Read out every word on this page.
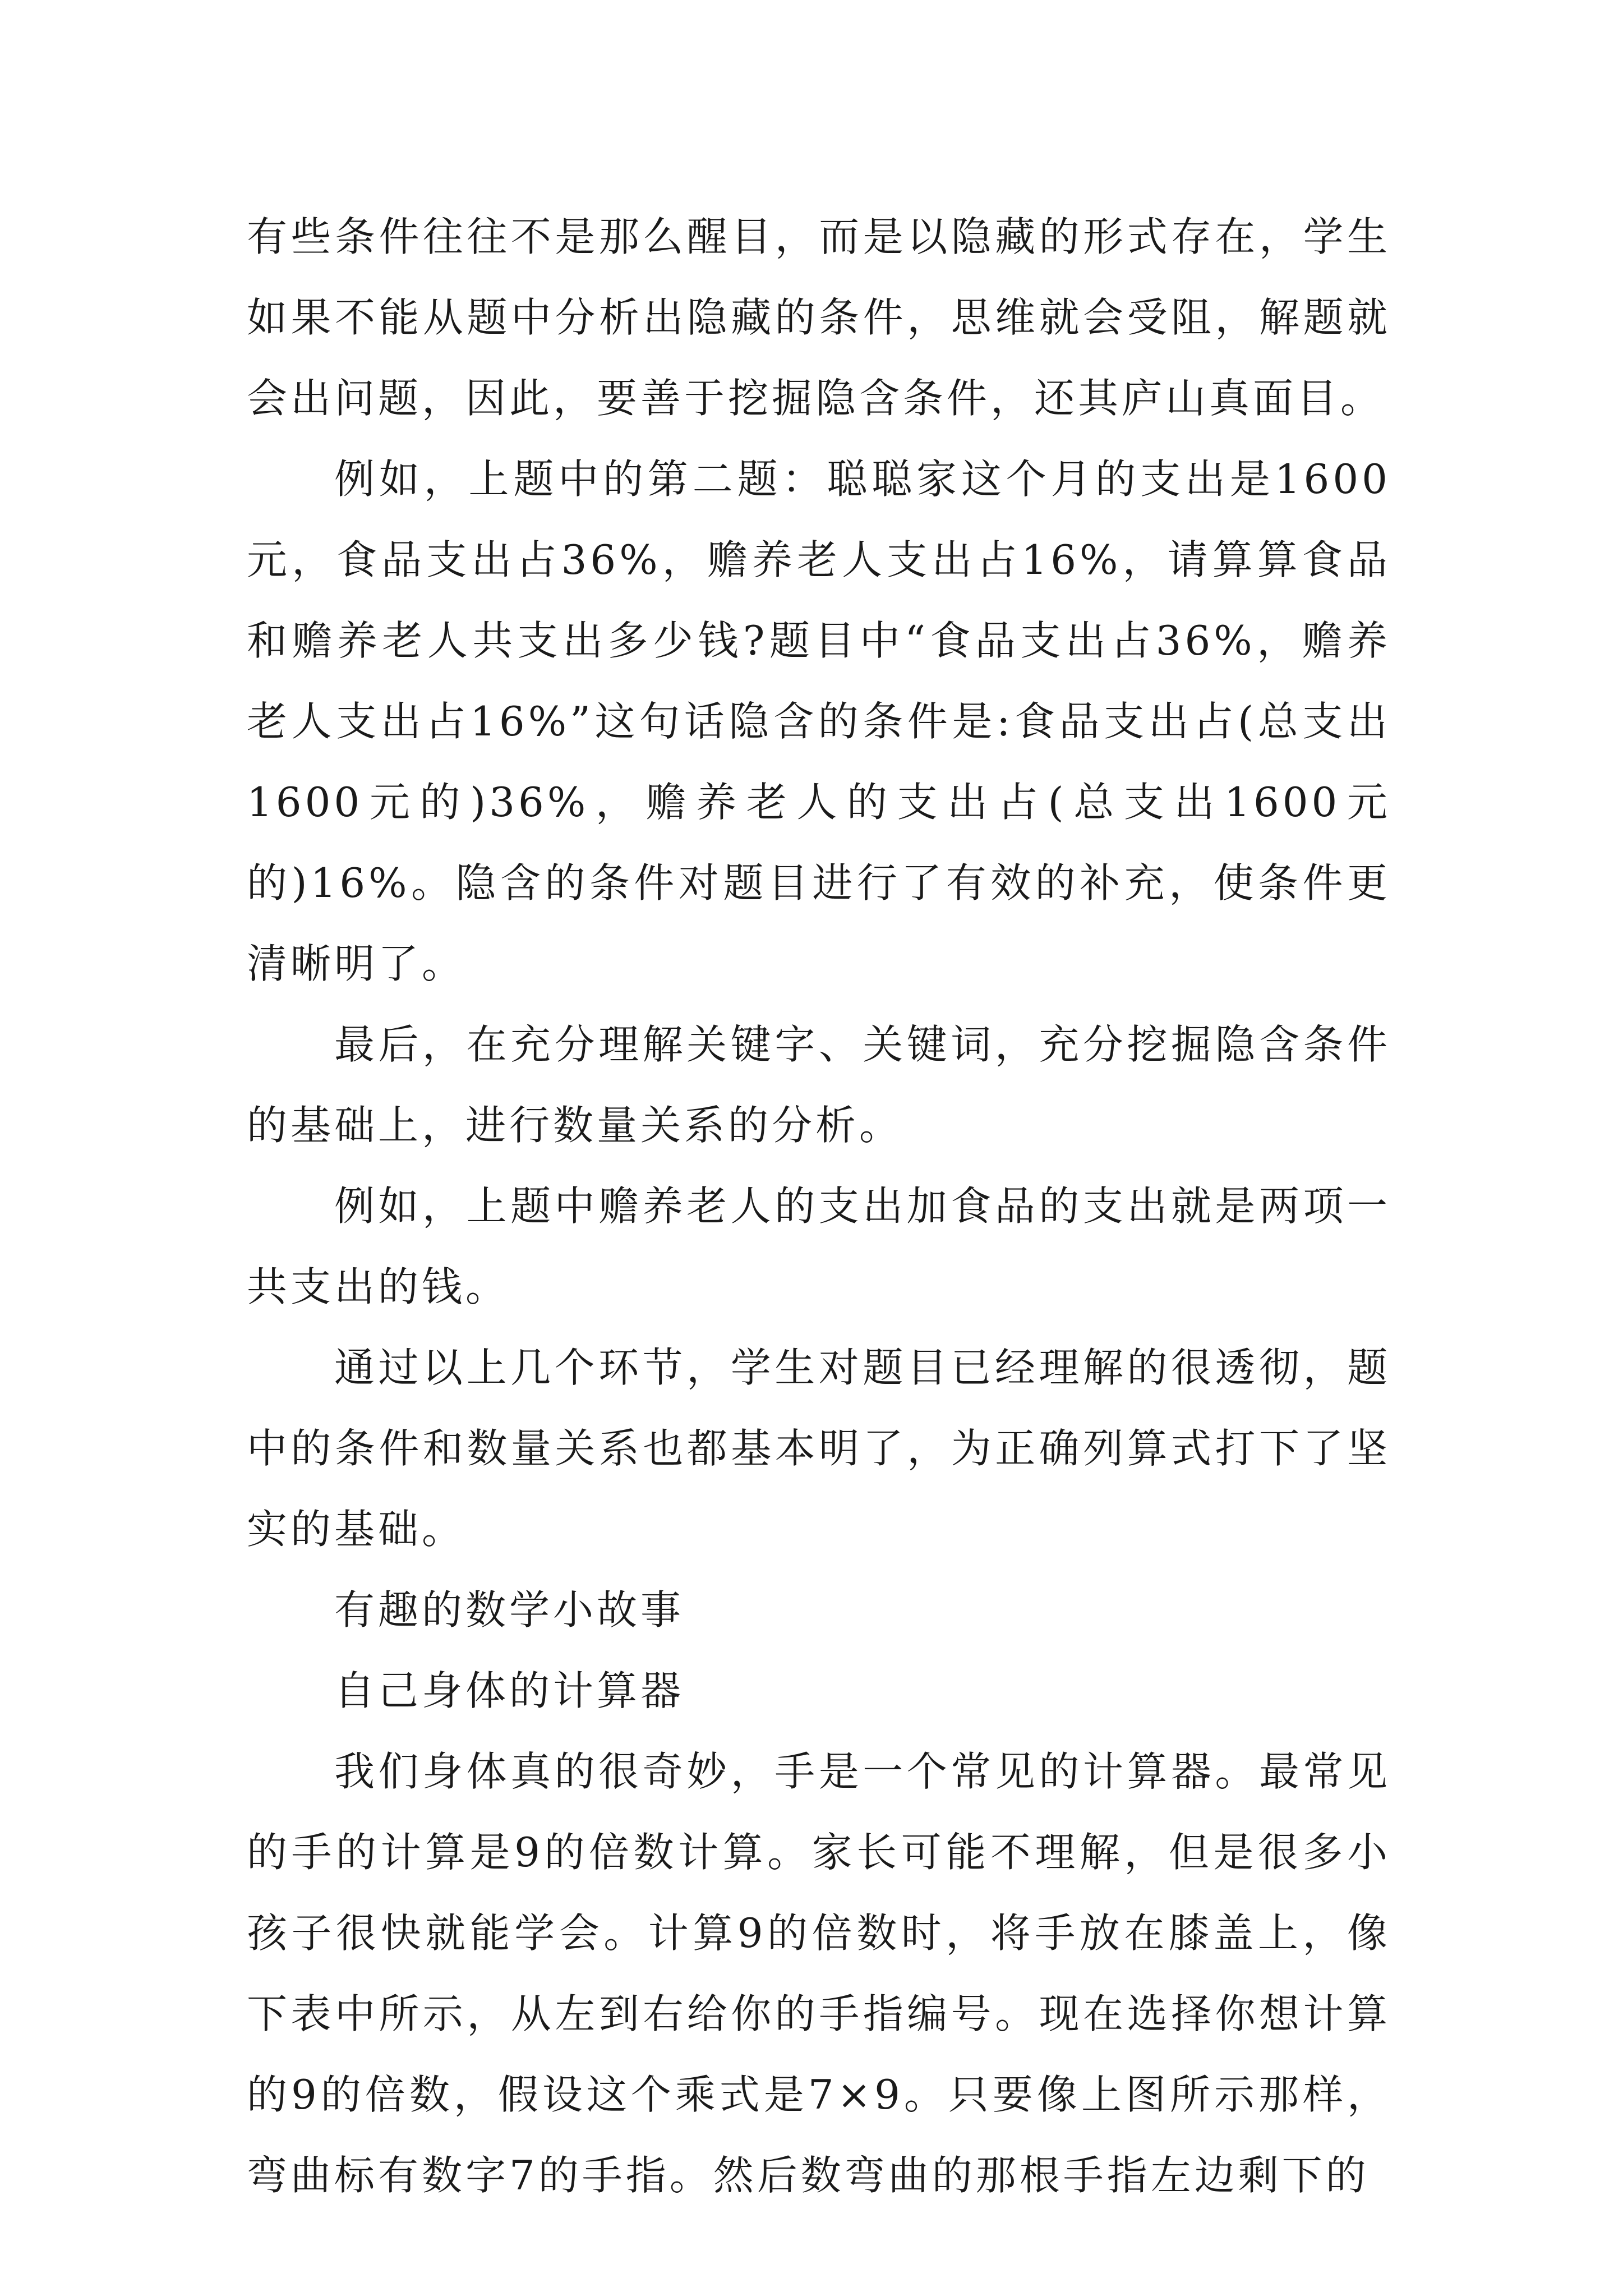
有些条件往往不是那么醒目，而是以隐藏的形式存在，学生如果不能从题中分析出隐藏的条件，思维就会受阻，解题就会出问题，因此，要善于挖掘隐含条件，还其庐山真面目。

例如，上题中的第二题：聪聪家这个月的支出是1600元，食品支出占36%，赡养老人支出占16%，请算算食品和赡养老人共支出多少钱?题目中“食品支出占36%，赡养老人支出占16%”这句话隐含的条件是:食品支出占(总支出1600元的)36%，赡养老人的支出占(总支出1600元的)16%。隐含的条件对题目进行了有效的补充，使条件更清晰明了。

最后，在充分理解关键字、关键词，充分挖掘隐含条件的基础上，进行数量关系的分析。

例如，上题中赡养老人的支出加食品的支出就是两项一共支出的钱。

通过以上几个环节，学生对题目已经理解的很透彻，题中的条件和数量关系也都基本明了，为正确列算式打下了坚实的基础。

有趣的数学小故事

自己身体的计算器

我们身体真的很奇妙，手是一个常见的计算器。最常见的手的计算是9的倍数计算。家长可能不理解，但是很多小孩子很快就能学会。计算9的倍数时，将手放在膝盖上，像下表中所示，从左到右给你的手指编号。现在选择你想计算的9的倍数，假设这个乘式是7×9。只要像上图所示那样，弯曲标有数字7的手指。然后数弯曲的那根手指左边剩下的
